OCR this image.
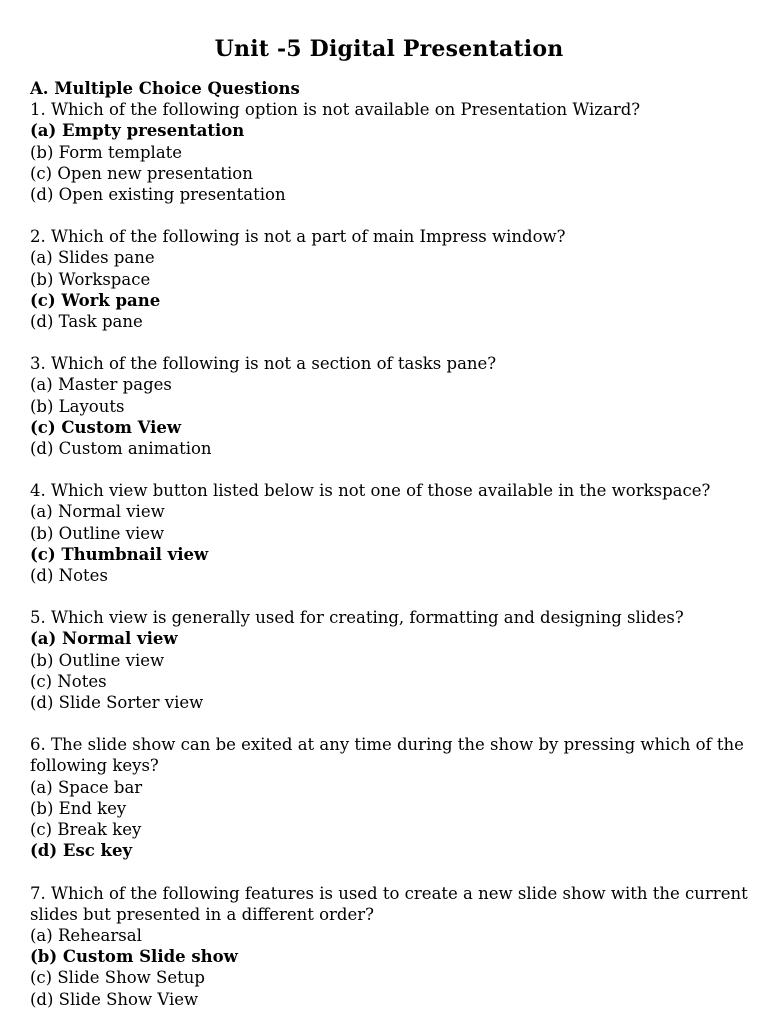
Unit -5 Digital Presentation

A. Multiple Choice Questions

1. Which of the following option is not available on Presentation Wizard?

(a) Empty presentation

(b) Form template

(c) Open new presentation

(d) Open existing presentation

2. Which of the following is not a part of main Impress window?

(a) Slides pane

(b) Workspace

(c) Work pane

(d) Task pane

3. Which of the following is not a section of tasks pane?

(a) Master pages

(b) Layouts

(c) Custom View

(d) Custom animation

4. Which view button listed below is not one of those available in the workspace?

(a) Normal view

(b) Outline view

(c) Thumbnail view

(d) Notes

5. Which view is generally used for creating, formatting and designing slides?

(a) Normal view

(b) Outline view

(c) Notes

(d) Slide Sorter view

6. The slide show can be exited at any time during the show by pressing which of the following keys?

(a) Space bar

(b) End key

(c) Break key

(d) Esc key

7. Which of the following features is used to create a new slide show with the current slides but presented in a different order?

(a) Rehearsal

(b) Custom Slide show

(c) Slide Show Setup

(d) Slide Show View
